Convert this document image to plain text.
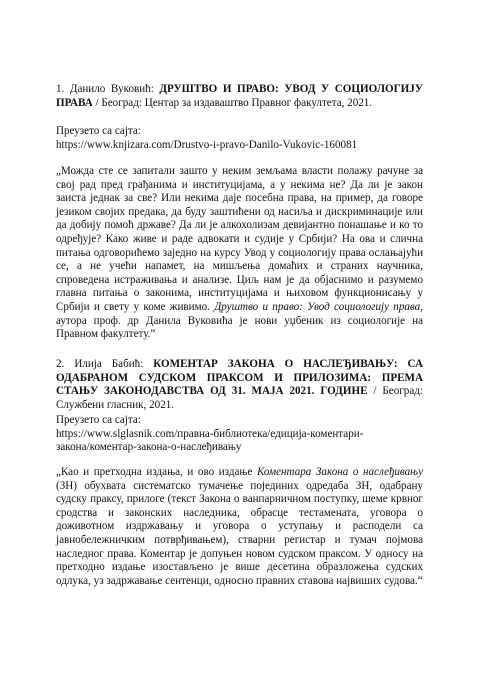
1. Данило Вуковић: ДРУШТВО И ПРАВО: УВОД У СОЦИОЛОГИЈУ ПРАВА / Београд: Центар за издаваштво Правног факултета, 2021.

Преузето са сајта:
https://www.knjizara.com/Drustvo-i-pravo-Danilo-Vukovic-160081

„Можда сте се запитали зашто у неким земљама власти полажу рачуне за свој рад пред грађанима и институцијама, а у некима не? Да ли је закон заиста једнак за све? Или некима даје посебна права, на пример, да говоре језиком својих предака, да буду заштићени од насиља и дискриминације или да добију помоћ државе? Да ли је алкохолизам девијантно понашање и ко то одређује? Како живе и раде адвокати и судије у Србији? На ова и слична питања одговорићемо заједно на курсу Увод у социологију права ослањајући се, а не учећи напамет, на мишљења домаћих и страних научника, спроведена истраживања и анализе. Циљ нам је да објаснимо и разумемо главна питања о законима, институцијама и њиховом функционисању у Србији и свету у коме живимо. Друштво и право: Увод социологију права, аутора проф. др Данила Вуковића је нови уџбеник из социологије на Правном факултету.”

2. Илија Бабић: КОМЕНТАР ЗАКОНА О НАСЛЕЂИВАЊУ: СА ОДАБРАНОМ СУДСКОМ ПРАКСОМ И ПРИЛОЗИМА: ПРЕМА СТАЊУ ЗАКОНОДАВСТВА ОД 31. МАЈА 2021. ГОДИНЕ / Београд: Службени гласник, 2021.

Преузето са сајта:
https://www.slglasnik.com/правна-библиотека/едиција-коментари-
закона/коментар-закона-о-наслеђивању

„Као и претходна издања, и ово издање Коментара Закона о наслеђивању (ЗН) обухвата систематско тумачење појединих одредаба ЗН, одабрану судску праксу, прилоге (текст Закона о ванпарничном поступку, шеме крвног сродства и законских наследника, обрасце тестамената, уговора о доживотном издржавању и уговора о уступању и расподели са јавнобележничким потврђивањем), стварни регистар и тумач појмова наследног права. Коментар је допуњен новом судском праксом. У односу на претходно издање изостављено је више десетина образложења судских одлука, уз задржавање сентенци, односно правних ставова највиших судова.“
